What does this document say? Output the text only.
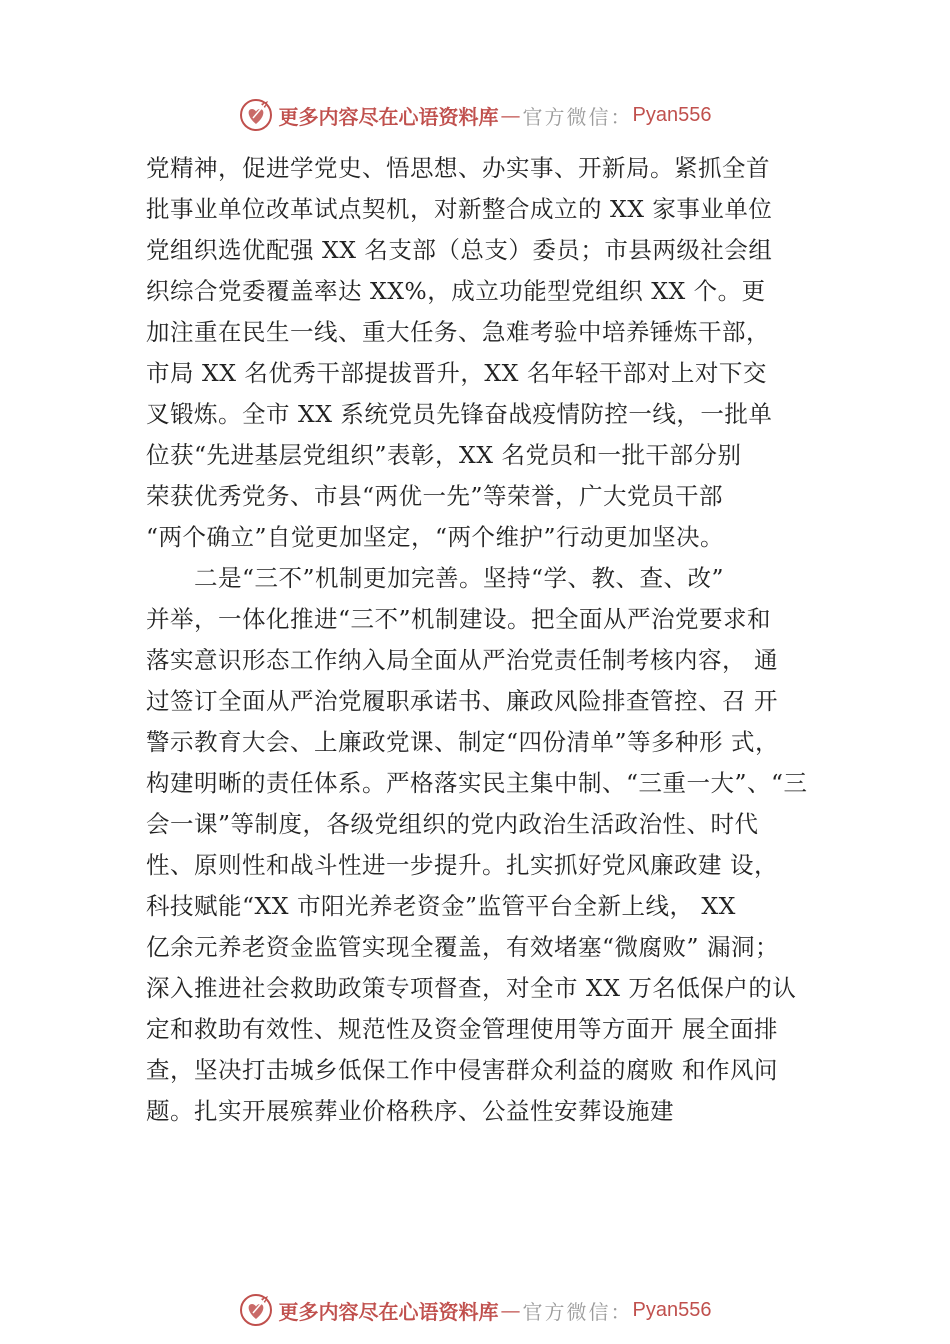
更多内容尽在心语资料库 — 官方微信： Pyan556
党精神，促进学党史、悟思想、办实事、开新局。紧抓全首
批事业单位改革试点契机，对新整合成立的 XX 家事业单位
党组织选优配强 XX 名支部（总支）委员；市县两级社会组
织综合党委覆盖率达 XX%，成立功能型党组织 XX 个。更
加注重在民生一线、重大任务、急难考验中培养锤炼干部，
市局 XX 名优秀干部提拔晋升，XX 名年轻干部对上对下交
叉锻炼。全市 XX 系统党员先锋奋战疫情防控一线，一批单
位获“先进基层党组织”表彰，XX 名党员和一批干部分别
荣获优秀党务、市县“两优一先”等荣誉，广大党员干部
“两个确立”自觉更加坚定，“两个维护”行动更加坚决。
二是“三不”机制更加完善。坚持“学、教、查、改”
并举，一体化推进“三不”机制建设。把全面从严治党要求和
落实意识形态工作纳入局全面从严治党责任制考核内容， 通
过签订全面从严治党履职承诺书、廉政风险排查管控、召 开
警示教育大会、上廉政党课、制定“四份清单”等多种形 式，
构建明晰的责任体系。严格落实民主集中制、“三重一大”、“三
会一课”等制度，各级党组织的党内政治生活政治性、时代
性、原则性和战斗性进一步提升。扎实抓好党风廉政建 设，
科技赋能“XX 市阳光养老资金”监管平台全新上线， XX
亿余元养老资金监管实现全覆盖，有效堵塞“微腐败” 漏洞；
深入推进社会救助政策专项督查，对全市 XX 万名低保户的认
定和救助有效性、规范性及资金管理使用等方面开 展全面排
查，坚决打击城乡低保工作中侵害群众利益的腐败 和作风问
题。扎实开展殡葬业价格秩序、公益性安葬设施建
更多内容尽在心语资料库 — 官方微信： Pyan556
